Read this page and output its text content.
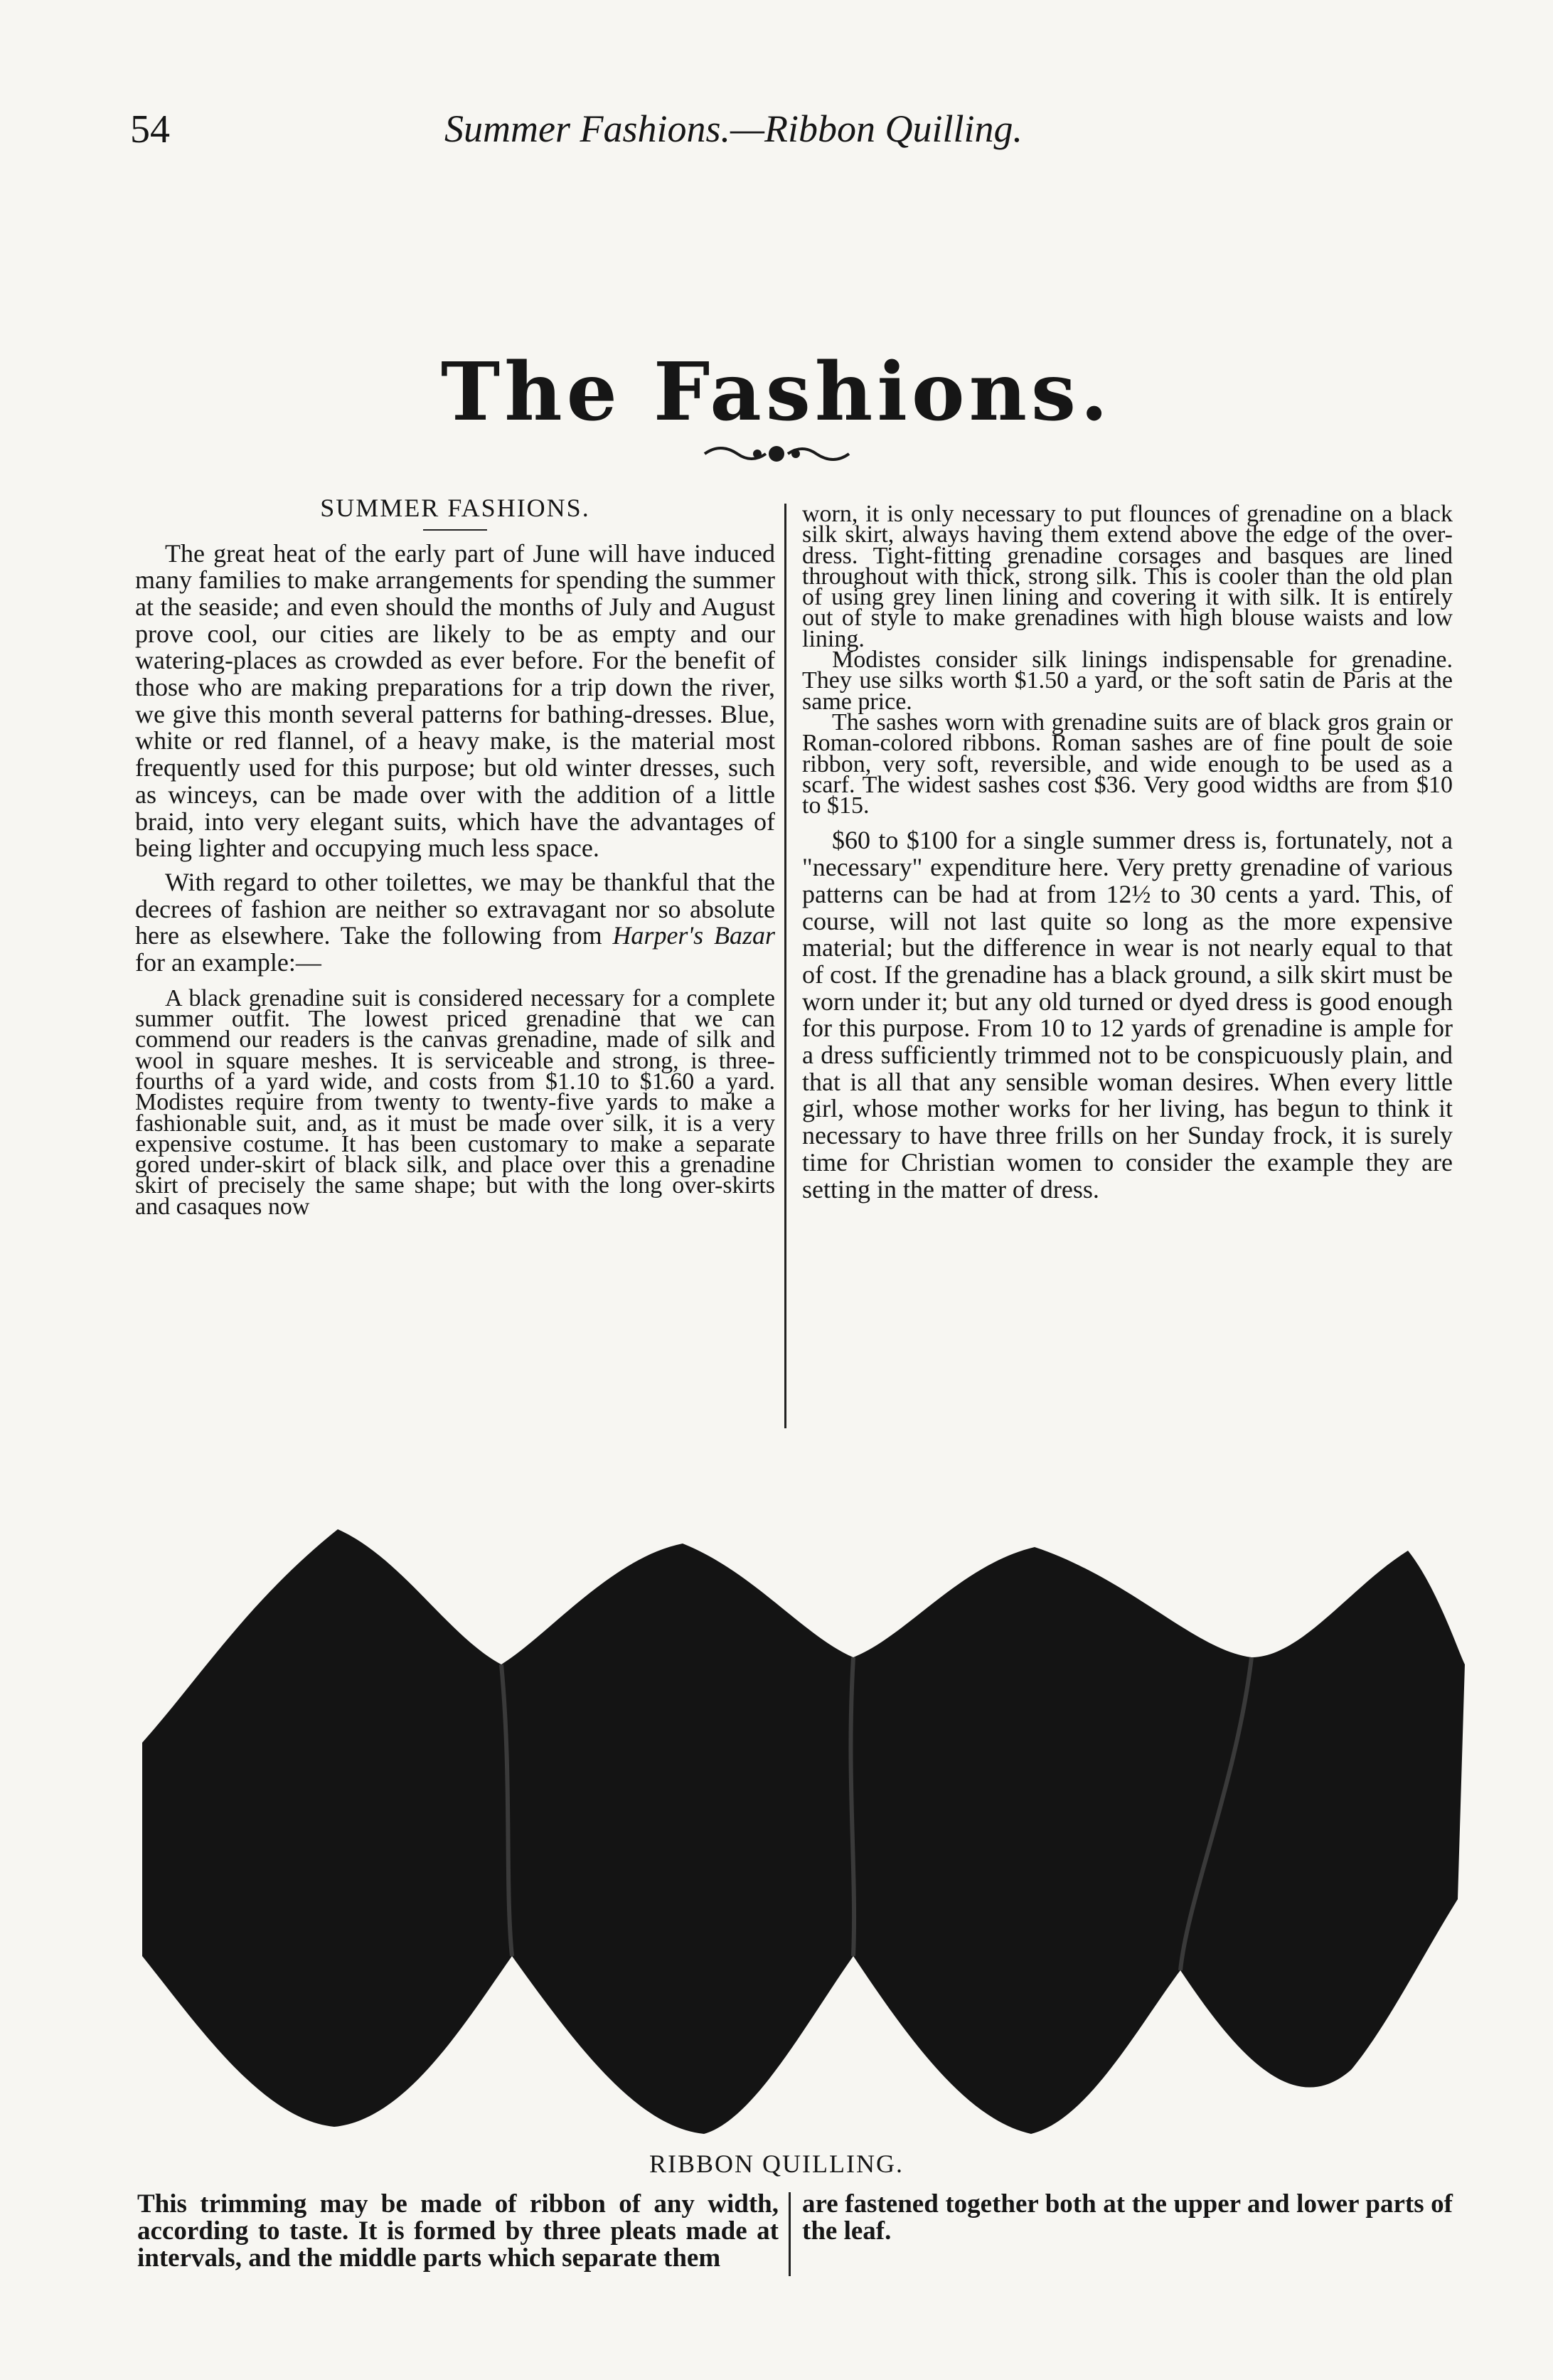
54	Summer Fashions.—Ribbon Quilling.
The Fashions.

SUMMER FASHIONS.

The great heat of the early part of June will have induced many families to make arrangements for spending the summer at the seaside; and even should the months of July and August prove cool, our cities are likely to be as empty and our watering-places as crowded as ever before. For the benefit of those who are making preparations for a trip down the river, we give this month several patterns for bathing-dresses. Blue, white or red flannel, of a heavy make, is the material most frequently used for this purpose; but old winter dresses, such as winceys, can be made over with the addition of a little braid, into very elegant suits, which have the advantages of being lighter and occupying much less space.

With regard to other toilettes, we may be thankful that the decrees of fashion are neither so extravagant nor so absolute here as elsewhere. Take the following from Harper's Bazar for an example:—

A black grenadine suit is considered necessary for a complete summer outfit. The lowest priced grenadine that we can commend our readers is the canvas grenadine, made of silk and wool in square meshes. It is serviceable and strong, is three-fourths of a yard wide, and costs from $1.10 to $1.60 a yard. Modistes require from twenty to twenty-five yards to make a fashionable suit, and, as it must be made over silk, it is a very expensive costume. It has been customary to make a separate gored under-skirt of black silk, and place over this a grenadine skirt of precisely the same shape; but with the long over-skirts and casaques now

worn, it is only necessary to put flounces of grenadine on a black silk skirt, always having them extend above the edge of the over-dress. Tight-fitting grenadine corsages and basques are lined throughout with thick, strong silk. This is cooler than the old plan of using grey linen lining and covering it with silk. It is entirely out of style to make grenadines with high blouse waists and low lining.

Modistes consider silk linings indispensable for grenadine. They use silks worth $1.50 a yard, or the soft satin de Paris at the same price.

The sashes worn with grenadine suits are of black gros grain or Roman-colored ribbons. Roman sashes are of fine poult de soie ribbon, very soft, reversible, and wide enough to be used as a scarf. The widest sashes cost $36. Very good widths are from $10 to $15.

$60 to $100 for a single summer dress is, fortunately, not a "necessary" expenditure here. Very pretty grenadine of various patterns can be had at from 12½ to 30 cents a yard. This, of course, will not last quite so long as the more expensive material; but the difference in wear is not nearly equal to that of cost. If the grenadine has a black ground, a silk skirt must be worn under it; but any old turned or dyed dress is good enough for this purpose. From 10 to 12 yards of grenadine is ample for a dress sufficiently trimmed not to be conspicuously plain, and that is all that any sensible woman desires. When every little girl, whose mother works for her living, has begun to think it necessary to have three frills on her Sunday frock, it is surely time for Christian women to consider the example they are setting in the matter of dress.

RIBBON QUILLING.
This trimming may be made of ribbon of any width, according to taste. It is formed by three pleats made at intervals, and the middle parts which separate them
are fastened together both at the upper and lower parts of the leaf.
